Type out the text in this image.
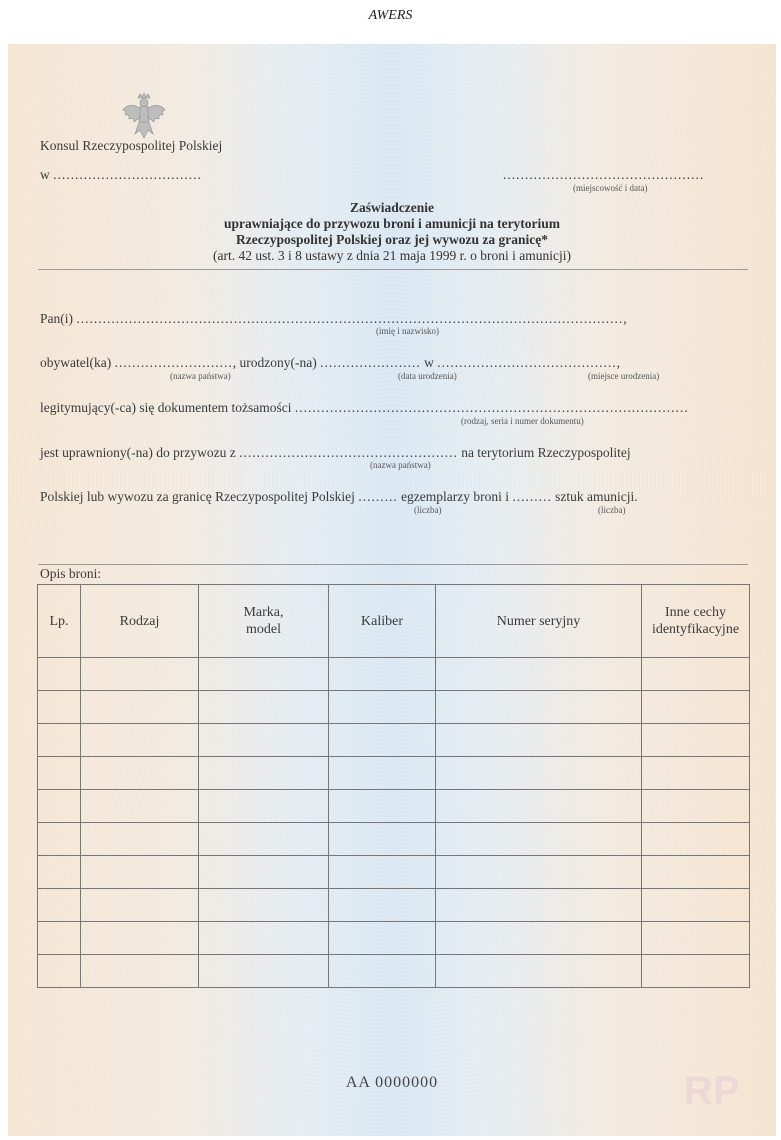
AWERS
Konsul Rzeczypospolitej Polskiej
w ..................................	..............................................
(miejscowość i data)
Zaświadczenie
uprawniające do przywozu broni i amunicji na terytorium
Rzeczypospolitej Polskiej oraz jej wywozu za granicę*
(art. 42 ust. 3 i 8 ustawy z dnia 21 maja 1999 r. o broni i amunicji)
Pan(i) .............................................................................................................................,
(imię i nazwisko)
obywatel(ka) ..........................., urodzony(-na) ....................... w .........................................,
(nazwa państwa)	(data urodzenia)	(miejsce urodzenia)
legitymujący(-ca) się dokumentem tożsamości ..........................................................................................
(rodzaj, seria i numer dokumentu)
jest uprawniony(-na) do przywozu z .................................................. na terytorium Rzeczypospolitej
(nazwa państwa)
Polskiej lub wywozu za granicę Rzeczypospolitej Polskiej ......... egzemplarzy broni i ......... sztuk amunicji.
(liczba)	(liczba)
Opis broni:
Lp.	Rodzaj	Marka, model	Kaliber	Numer seryjny	Inne cechy identyfikacyjne

AA 0000000	RP
